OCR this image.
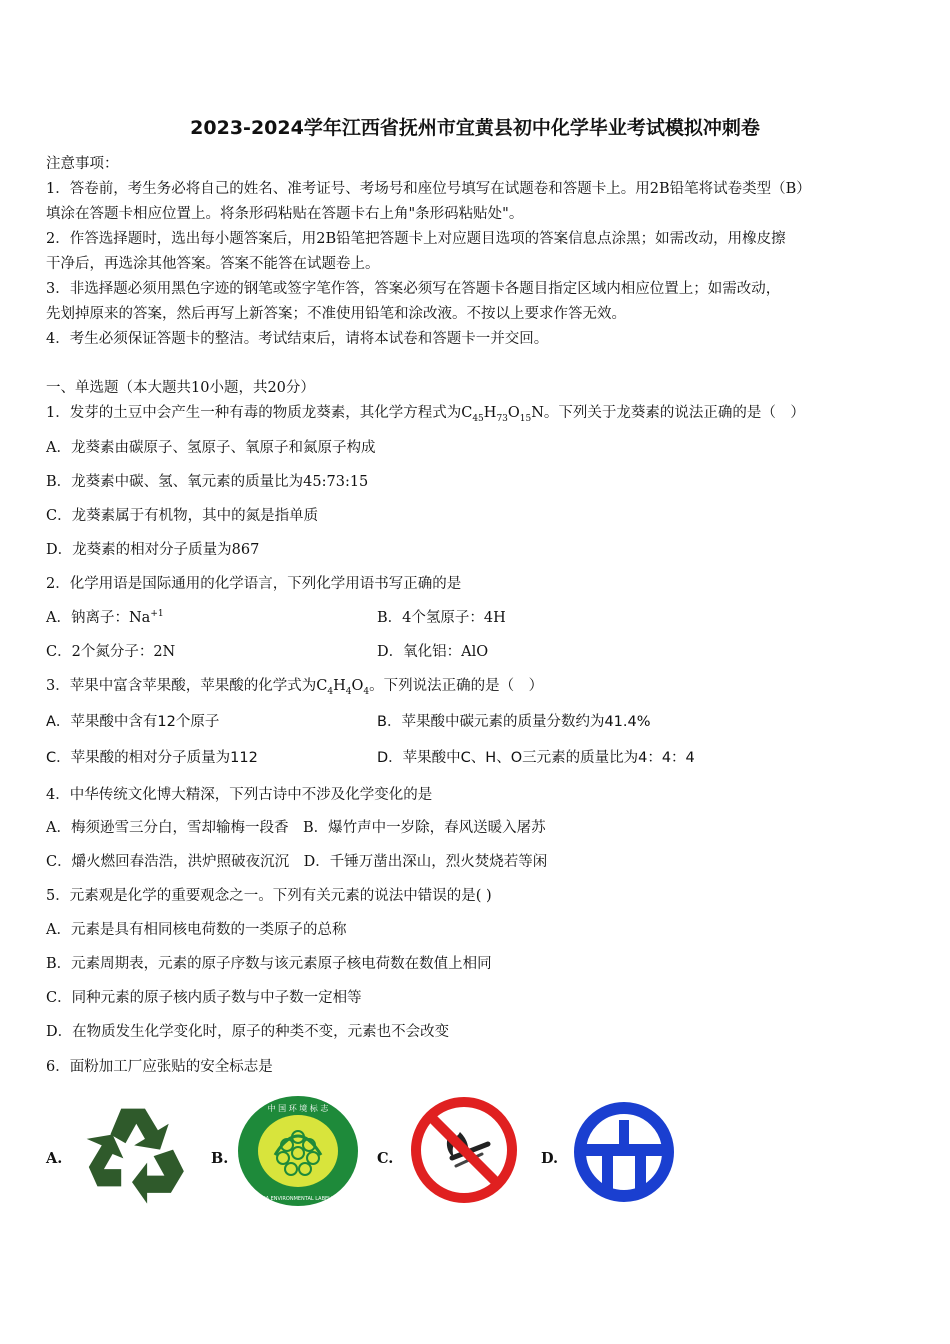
2023-2024学年江西省抚州市宜黄县初中化学毕业考试模拟冲刺卷
注意事项：
1．答卷前，考生务必将自己的姓名、准考证号、考场号和座位号填写在试题卷和答题卡上。用2B铅笔将试卷类型（B）
填涂在答题卡相应位置上。将条形码粘贴在答题卡右上角"条形码粘贴处"。
2．作答选择题时，选出每小题答案后，用2B铅笔把答题卡上对应题目选项的答案信息点涂黑；如需改动，用橡皮擦
干净后，再选涂其他答案。答案不能答在试题卷上。
3．非选择题必须用黑色字迹的钢笔或签字笔作答，答案必须写在答题卡各题目指定区域内相应位置上；如需改动，
先划掉原来的答案，然后再写上新答案；不准使用铅笔和涂改液。不按以上要求作答无效。
4．考生必须保证答题卡的整洁。考试结束后，请将本试卷和答题卡一并交回。
一、单选题（本大题共10小题，共20分）
1．发芽的土豆中会产生一种有毒的物质龙葵素，其化学方程式为$C_{45}H_{73}O_{15}N$。下列关于龙葵素的说法正确的是（　）
A．龙葵素由碳原子、氢原子、氧原子和氮原子构成
B．龙葵素中碳、氢、氧元素的质量比为45:73:15
C．龙葵素属于有机物，其中的氮是指单质
D．龙葵素的相对分子质量为867
2．化学用语是国际通用的化学语言，下列化学用语书写正确的是
A．钠离子：$Na^{+1}$	B．4个氢原子：4H
C．2个氮分子：2N	D．氧化铝：AlO
3．苹果中富含苹果酸，苹果酸的化学式为$C_4H_4O_4$。下列说法正确的是（　）
A．苹果酸中含有12个原子	B．苹果酸中碳元素的质量分数约为41.4%
C．苹果酸的相对分子质量为112	D．苹果酸中C、H、O三元素的质量比为4：4：4
4．中华传统文化博大精深，下列古诗中不涉及化学变化的是
A．梅须逊雪三分白，雪却输梅一段香　B．爆竹声中一岁除，春风送暖入屠苏
C．爝火燃回春浩浩，洪炉照破夜沉沉　D．千锤万凿出深山，烈火焚烧若等闲
5．元素观是化学的重要观念之一。下列有关元素的说法中错误的是( )
A．元素是具有相同核电荷数的一类原子的总称
B．元素周期表，元素的原子序数与该元素原子核电荷数在数值上相同
C．同种元素的原子核内质子数与中子数一定相等
D．在物质发生化学变化时，原子的种类不变，元素也不会改变
6．面粉加工厂应张贴的安全标志是
A.	B.
中 国 环 境 标 志
CHINA ENVIRONMENTAL LABELLING
C.	D.
